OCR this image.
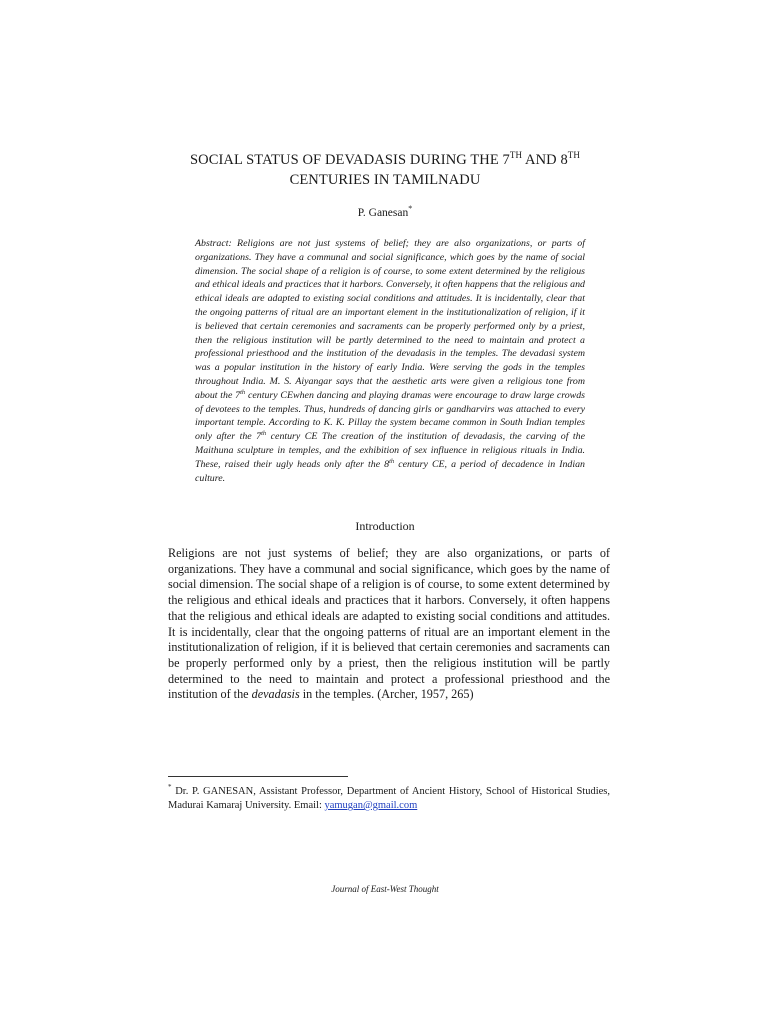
SOCIAL STATUS OF DEVADASIS DURING THE 7TH AND 8TH
CENTURIES IN TAMILNADU
P. Ganesan*
Abstract: Religions are not just systems of belief; they are also organizations, or parts of organizations. They have a communal and social significance, which goes by the name of social dimension. The social shape of a religion is of course, to some extent determined by the religious and ethical ideals and practices that it harbors. Conversely, it often happens that the religious and ethical ideals are adapted to existing social conditions and attitudes. It is incidentally, clear that the ongoing patterns of ritual are an important element in the institutionalization of religion, if it is believed that certain ceremonies and sacraments can be properly performed only by a priest, then the religious institution will be partly determined to the need to maintain and protect a professional priesthood and the institution of the devadasis in the temples. The devadasi system was a popular institution in the history of early India. Were serving the gods in the temples throughout India. M. S. Aiyangar says that the aesthetic arts were given a religious tone from about the 7th century CEwhen dancing and playing dramas were encourage to draw large crowds of devotees to the temples. Thus, hundreds of dancing girls or gandharvirs was attached to every important temple. According to K. K. Pillay the system became common in South Indian temples only after the 7th century CE The creation of the institution of devadasis, the carving of the Maithuna sculpture in temples, and the exhibition of sex influence in religious rituals in India. These, raised their ugly heads only after the 8th century CE, a period of decadence in Indian culture.
Introduction
Religions are not just systems of belief; they are also organizations, or parts of organizations. They have a communal and social significance, which goes by the name of social dimension. The social shape of a religion is of course, to some extent determined by the religious and ethical ideals and practices that it harbors. Conversely, it often happens that the religious and ethical ideals are adapted to existing social conditions and attitudes. It is incidentally, clear that the ongoing patterns of ritual are an important element in the institutionalization of religion, if it is believed that certain ceremonies and sacraments can be properly performed only by a priest, then the religious institution will be partly determined to the need to maintain and protect a professional priesthood and the institution of the devadasis in the temples. (Archer, 1957, 265)
* Dr. P. GANESAN, Assistant Professor, Department of Ancient History, School of Historical Studies, Madurai Kamaraj University. Email: yamugan@gmail.com
Journal of East-West Thought
